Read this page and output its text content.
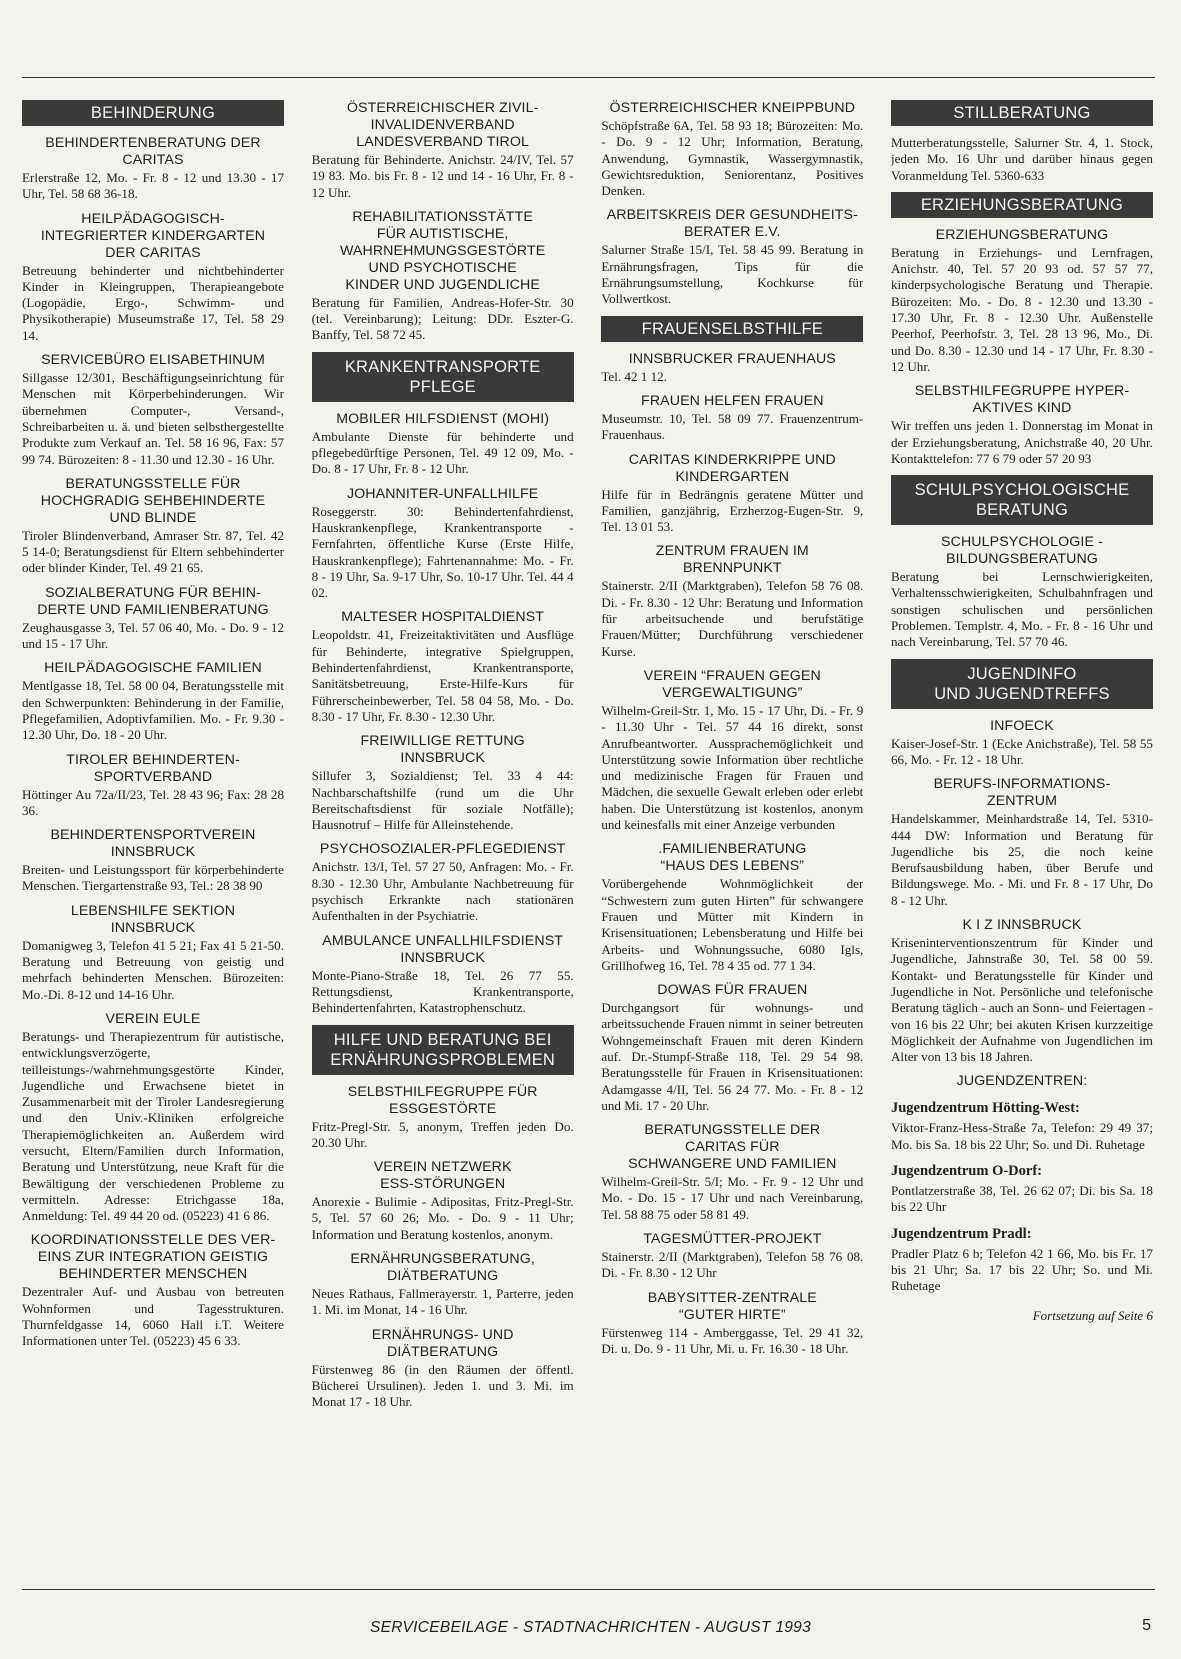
BEHINDERUNG
BEHINDERTENBERATUNG DER
CARITAS

Erlerstraße 12, Mo. - Fr. 8 - 12 und 13.30 - 17 Uhr, Tel. 58 68 36-18.

HEILPÄDAGOGISCH-
INTEGRIERTER KINDERGARTEN
DER CARITAS

Betreuung behinderter und nichtbehinderter Kinder in Kleingruppen, Therapieangebote (Logopädie, Ergo-, Schwimm- und Physikotherapie) Museumstraße 17, Tel. 58 29 14.

SERVICEBÜRO ELISABETHINUM

Sillgasse 12/301, Beschäftigungseinrichtung für Menschen mit Körperbehinderungen. Wir übernehmen Computer-, Versand-, Schreibarbeiten u. ä. und bieten selbsthergestellte Produkte zum Verkauf an. Tel. 58 16 96, Fax: 57 99 74. Bürozeiten: 8 - 11.30 und 12.30 - 16 Uhr.

BERATUNGSSTELLE FÜR
HOCHGRADIG SEHBEHINDERTE
UND BLINDE

Tiroler Blindenverband, Amraser Str. 87, Tel. 42 5 14-0; Beratungsdienst für Eltern sehbehinderter oder blinder Kinder, Tel. 49 21 65.

SOZIALBERATUNG FÜR BEHIN-
DERTE UND FAMILIENBERATUNG

Zeughausgasse 3, Tel. 57 06 40, Mo. - Do. 9 - 12 und 15 - 17 Uhr.

HEILPÄDAGOGISCHE FAMILIEN

Mentlgasse 18, Tel. 58 00 04, Beratungsstelle mit den Schwerpunkten: Behinderung in der Familie, Pflegefamilien, Adoptivfamilien. Mo. - Fr. 9.30 - 12.30 Uhr, Do. 18 - 20 Uhr.

TIROLER BEHINDERTEN-
SPORTVERBAND

Höttinger Au 72a/II/23, Tel. 28 43 96; Fax: 28 28 36.

BEHINDERTENSPORTVEREIN
INNSBRUCK

Breiten- und Leistungssport für körperbehinderte Menschen. Tiergartenstraße 93, Tel.: 28 38 90

LEBENSHILFE SEKTION
INNSBRUCK

Domanigweg 3, Telefon 41 5 21; Fax 41 5 21-50. Beratung und Betreuung von geistig und mehrfach behinderten Menschen. Bürozeiten: Mo.-Di. 8-12 und 14-16 Uhr.

VEREIN EULE

Beratungs- und Therapiezentrum für autistische, entwicklungsverzögerte, teilleistungs-/wahrnehmungsgestörte Kinder, Jugendliche und Erwachsene bietet in Zusammenarbeit mit der Tiroler Landesregierung und den Univ.-Kliniken erfolgreiche Therapiemöglichkeiten an. Außerdem wird versucht, Eltern/Familien durch Information, Beratung und Unterstützung, neue Kraft für die Bewältigung der verschiedenen Probleme zu vermitteln. Adresse: Etrichgasse 18a, Anmeldung: Tel. 49 44 20 od. (05223) 41 6 86.

KOORDINATIONSSTELLE DES VER-
EINS ZUR INTEGRATION GEISTIG
BEHINDERTER MENSCHEN

Dezentraler Auf- und Ausbau von betreuten Wohnformen und Tagesstrukturen. Thurnfeldgasse 14, 6060 Hall i.T. Weitere Informationen unter Tel. (05223) 45 6 33.

ÖSTERREICHISCHER ZIVIL-
INVALIDENVERBAND
LANDESVERBAND TIROL

Beratung für Behinderte. Anichstr. 24/IV, Tel. 57 19 83. Mo. bis Fr. 8 - 12 und 14 - 16 Uhr, Fr. 8 - 12 Uhr.

REHABILITATIONSSTÄTTE
FÜR AUTISTISCHE,
WAHRNEHMUNGSGESTÖRTE
UND PSYCHOTISCHE
KINDER UND JUGENDLICHE

Beratung für Familien, Andreas-Hofer-Str. 30 (tel. Vereinbarung); Leitung: DDr. Eszter-G. Banffy, Tel. 58 72 45.

KRANKENTRANSPORTE
PFLEGE
MOBILER HILFSDIENST (MOHI)

Ambulante Dienste für behinderte und pflegebedürftige Personen, Tel. 49 12 09, Mo. - Do. 8 - 17 Uhr, Fr. 8 - 12 Uhr.

JOHANNITER-UNFALLHILFE

Roseggerstr. 30: Behindertenfahrdienst, Hauskrankenpflege, Krankentransporte - Fernfahrten, öffentliche Kurse (Erste Hilfe, Hauskrankenpflege); Fahrtenannahme: Mo. - Fr. 8 - 19 Uhr, Sa. 9-17 Uhr, So. 10-17 Uhr. Tel. 44 4 02.

MALTESER HOSPITALDIENST

Leopoldstr. 41, Freizeitaktivitäten und Ausflüge für Behinderte, integrative Spielgruppen, Behindertenfahrdienst, Krankentransporte, Sanitätsbetreuung, Erste-Hilfe-Kurs für Führerscheinbewerber, Tel. 58 04 58, Mo. - Do. 8.30 - 17 Uhr, Fr. 8.30 - 12.30 Uhr.

FREIWILLIGE RETTUNG
INNSBRUCK

Sillufer 3, Sozialdienst; Tel. 33 4 44: Nachbarschaftshilfe (rund um die Uhr Bereitschaftsdienst für soziale Notfälle); Hausnotruf – Hilfe für Alleinstehende.

PSYCHOSOZIALER-PFLEGEDIENST

Anichstr. 13/I, Tel. 57 27 50, Anfragen: Mo. - Fr. 8.30 - 12.30 Uhr, Ambulante Nachbetreuung für psychisch Erkrankte nach stationären Aufenthalten in der Psychiatrie.

AMBULANCE UNFALLHILFSDIENST
INNSBRUCK

Monte-Piano-Straße 18, Tel. 26 77 55. Rettungsdienst, Krankentransporte, Behindertenfahrten, Katastrophenschutz.

HILFE UND BERATUNG BEI
ERNÄHRUNGSPROBLEMEN
SELBSTHILFEGRUPPE FÜR
ESSGESTÖRTE

Fritz-Pregl-Str. 5, anonym, Treffen jeden Do. 20.30 Uhr.

VEREIN NETZWERK
ESS-STÖRUNGEN

Anorexie - Bulimie - Adipositas, Fritz-Pregl-Str. 5, Tel. 57 60 26; Mo. - Do. 9 - 11 Uhr; Information und Beratung kostenlos, anonym.

ERNÄHRUNGSBERATUNG,
DIÄTBERATUNG

Neues Rathaus, Fallmerayerstr. 1, Parterre, jeden 1. Mi. im Monat, 14 - 16 Uhr.

ERNÄHRUNGS- UND
DIÄTBERATUNG

Fürstenweg 86 (in den Räumen der öffentl. Bücherei Ursulinen). Jeden 1. und 3. Mi. im Monat 17 - 18 Uhr.

ÖSTERREICHISCHER KNEIPPBUND

Schöpfstraße 6A, Tel. 58 93 18; Bürozeiten: Mo. - Do. 9 - 12 Uhr; Information, Beratung, Anwendung, Gymnastik, Wassergymnastik, Gewichtsreduktion, Seniorentanz, Positives Denken.

ARBEITSKREIS DER GESUNDHEITS-
BERATER E.V.

Salurner Straße 15/I, Tel. 58 45 99. Beratung in Ernährungsfragen, Tips für die Ernährungsumstellung, Kochkurse für Vollwertkost.

FRAUENSELBSTHILFE
INNSBRUCKER FRAUENHAUS

Tel. 42 1 12.

FRAUEN HELFEN FRAUEN

Museumstr. 10, Tel. 58 09 77. Frauenzentrum-Frauenhaus.

CARITAS KINDERKRIPPE UND
KINDERGARTEN

Hilfe für in Bedrängnis geratene Mütter und Familien, ganzjährig, Erzherzog-Eugen-Str. 9, Tel. 13 01 53.

ZENTRUM FRAUEN IM
BRENNPUNKT

Stainerstr. 2/II (Marktgraben), Telefon 58 76 08. Di. - Fr. 8.30 - 12 Uhr: Beratung und Information für arbeitsuchende und berufstätige Frauen/Mütter; Durchführung verschiedener Kurse.

VEREIN “FRAUEN GEGEN
VERGEWALTIGUNG”

Wilhelm-Greil-Str. 1, Mo. 15 - 17 Uhr, Di. - Fr. 9 - 11.30 Uhr - Tel. 57 44 16 direkt, sonst Anrufbeantworter. Aussprachemöglichkeit und Unterstützung sowie Information über rechtliche und medizinische Fragen für Frauen und Mädchen, die sexuelle Gewalt erleben oder erlebt haben. Die Unterstützung ist kostenlos, anonym und keinesfalls mit einer Anzeige verbunden

.FAMILIENBERATUNG
“HAUS DES LEBENS”

Vorübergehende Wohnmöglichkeit der “Schwestern zum guten Hirten” für schwangere Frauen und Mütter mit Kindern in Krisensituationen; Lebensberatung und Hilfe bei Arbeits- und Wohnungssuche, 6080 Igls, Grillhofweg 16, Tel. 78 4 35 od. 77 1 34.

DOWAS FÜR FRAUEN

Durchgangsort für wohnungs- und arbeitssuchende Frauen nimmt in seiner betreuten Wohngemeinschaft Frauen mit deren Kindern auf. Dr.-Stumpf-Straße 118, Tel. 29 54 98. Beratungsstelle für Frauen in Krisensituationen: Adamgasse 4/II, Tel. 56 24 77. Mo. - Fr. 8 - 12 und Mi. 17 - 20 Uhr.

BERATUNGSSTELLE DER
CARITAS FÜR
SCHWANGERE UND FAMILIEN

Wilhelm-Greil-Str. 5/I; Mo. - Fr. 9 - 12 Uhr und Mo. - Do. 15 - 17 Uhr und nach Vereinbarung, Tel. 58 88 75 oder 58 81 49.

TAGESMÜTTER-PROJEKT

Stainerstr. 2/II (Marktgraben), Telefon 58 76 08. Di. - Fr. 8.30 - 12 Uhr

BABYSITTER-ZENTRALE
“GUTER HIRTE”

Fürstenweg 114 - Amberggasse, Tel. 29 41 32, Di. u. Do. 9 - 11 Uhr, Mi. u. Fr. 16.30 - 18 Uhr.

STILLBERATUNG

Mutterberatungsstelle, Salurner Str. 4, 1. Stock, jeden Mo. 16 Uhr und darüber hinaus gegen Voranmeldung Tel. 5360-633

ERZIEHUNGSBERATUNG
ERZIEHUNGSBERATUNG

Beratung in Erziehungs- und Lernfragen, Anichstr. 40, Tel. 57 20 93 od. 57 57 77, kinderpsychologische Beratung und Therapie. Bürozeiten: Mo. - Do. 8 - 12.30 und 13.30 - 17.30 Uhr, Fr. 8 - 12.30 Uhr. Außenstelle Peerhof, Peerhofstr. 3, Tel. 28 13 96, Mo., Di. und Do. 8.30 - 12.30 und 14 - 17 Uhr, Fr. 8.30 - 12 Uhr.

SELBSTHILFEGRUPPE HYPER-
AKTIVES KIND

Wir treffen uns jeden 1. Donnerstag im Monat in der Erziehungsberatung, Anichstraße 40, 20 Uhr. Kontakttelefon: 77 6 79 oder 57 20 93

SCHULPSYCHOLOGISCHE
BERATUNG
SCHULPSYCHOLOGIE -
BILDUNGSBERATUNG

Beratung bei Lernschwierigkeiten, Verhaltensschwierigkeiten, Schulbahnfragen und sonstigen schulischen und persönlichen Problemen. Templstr. 4, Mo. - Fr. 8 - 16 Uhr und nach Vereinbarung, Tel. 57 70 46.

JUGENDINFO
UND JUGENDTREFFS
INFOECK

Kaiser-Josef-Str. 1 (Ecke Anichstraße), Tel. 58 55 66, Mo. - Fr. 12 - 18 Uhr.

BERUFS-INFORMATIONS-
ZENTRUM

Handelskammer, Meinhardstraße 14, Tel. 5310-444 DW: Information und Beratung für Jugendliche bis 25, die noch keine Berufsausbildung haben, über Berufe und Bildungswege. Mo. - Mi. und Fr. 8 - 17 Uhr, Do 8 - 12 Uhr.

K I Z INNSBRUCK

Kriseninterventionszentrum für Kinder und Jugendliche, Jahnstraße 30, Tel. 58 00 59. Kontakt- und Beratungsstelle für Kinder und Jugendliche in Not. Persönliche und telefonische Beratung täglich - auch an Sonn- und Feiertagen - von 16 bis 22 Uhr; bei akuten Krisen kurzzeitige Möglichkeit der Aufnahme von Jugendlichen im Alter von 13 bis 18 Jahren.

JUGENDZENTREN:
Jugendzentrum Hötting-West:

Viktor-Franz-Hess-Straße 7a, Telefon: 29 49 37; Mo. bis Sa. 18 bis 22 Uhr; So. und Di. Ruhetage

Jugendzentrum O-Dorf:

Pontlatzerstraße 38, Tel. 26 62 07; Di. bis Sa. 18 bis 22 Uhr

Jugendzentrum Pradl:

Pradler Platz 6 b; Telefon 42 1 66, Mo. bis Fr. 17 bis 21 Uhr; Sa. 17 bis 22 Uhr; So. und Mi. Ruhetage

Fortsetzung auf Seite 6
SERVICEBEILAGE - STADTNACHRICHTEN - AUGUST 1993	5
